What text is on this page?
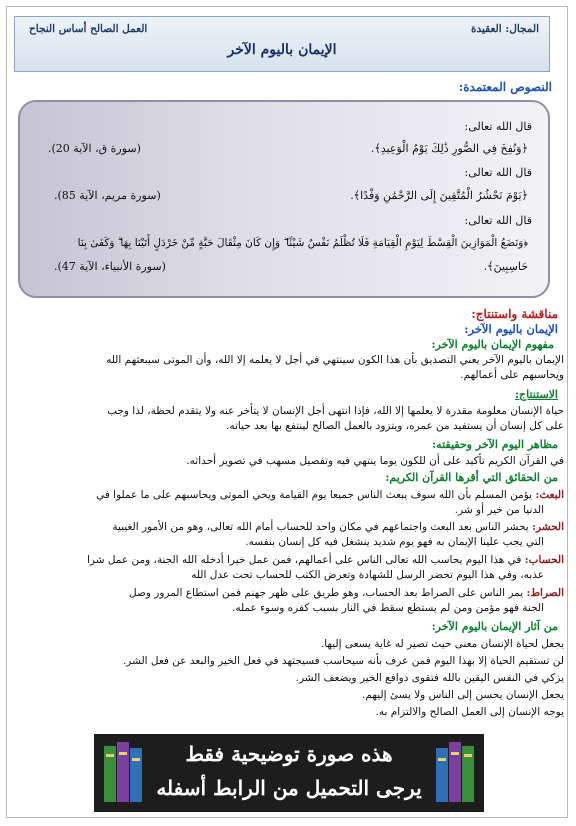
المجال: العقيدة
العمل الصالح أساس النجاح
الإيمان باليوم الآخر
النصوص المعتمدة:
قال الله تعالى:
﴿وَنُفِخَ فِي الصُّورِ ذَٰلِكَ يَوْمُ الْوَعِيدِ﴾.
(سورة ق، الآية 20).
قال الله تعالى:
﴿يَوْمَ نَحْشُرُ الْمُتَّقِينَ إِلَى الرَّحْمَٰنِ وَفْدًا﴾.
(سورة مريم، الآية 85).
قال الله تعالى:
﴿وَنَضَعُ الْمَوَازِينَ الْقِسْطَ لِيَوْمِ الْقِيَامَةِ فَلَا تُظْلَمُ نَفْسٌ شَيْئًا ۖ وَإِن كَانَ مِثْقَالَ حَبَّةٍ مِّنْ خَرْدَلٍ أَتَيْنَا بِهَا ۗ وَكَفَىٰ بِنَا
حَاسِبِينَ﴾.
(سورة الأنبياء، الآية 47).
مناقشة واستنتاج:
الإيمان باليوم الآخر:
مفهوم الإيمان باليوم الآخر:
الإيمان باليوم الآخر يعني التصديق بأن هذا الكون سينتهي في أجل لا يعلمه إلا الله، وأن الموتى سيبعثهم الله
ويحاسبهم على أعمالهم.
الاستنتاج:
حياة الإنسان معلومة مقدرة لا يعلمها إلا الله، فإذا انتهى أجل الإنسان لا يتأخر عنه ولا يتقدم لحظة، لذا وجب
على كل إنسان أن يستفيد من عمره، ويتزود بالعمل الصالح لينتفع بها بعد حياته.
مظاهر اليوم الآخر وحقيقته:
في القرآن الكريم تأكيد على أن للكون يوما ينتهي فيه وتفصيل مسهب في تصوير أحداثه.
من الحقائق التي أقرها القرآن الكريم:
البعث: يؤمن المسلم بأن الله سوف يبعث الناس جميعا يوم القيامة ويحي الموتى ويحاسبهم على ما عملوا في
الدنيا من خير أو شر.
الحشر: يحشر الناس بعد البعث واجتماعهم في مكان واحد للحساب أمام الله تعالى، وهو من الأمور الغيبية
التي يجب علينا الإيمان به فهو يوم شديد ينشغل فيه كل إنسان بنفسه.
الحساب: في هذا اليوم يحاسب الله تعالى الناس على أعمالهم، فمن عمل خيرا أدخله الله الجنة، ومن عمل شرا
عذبه، وفي هذا اليوم تحضر الرسل للشهادة وتعرض الكتب للحساب تحت عدل الله
الصراط: يمر الناس على الصراط بعد الحساب، وهو طريق على ظهر جهنم فمن استطاع المرور وصل
الجنة فهو مؤمن ومن لم يستطع سقط في النار بسبب كفره وسوء عمله.
من آثار الإيمان باليوم الآخر:
يجعل لحياة الإنسان معنى حيث تصير له غاية يسعى إليها.
لن تستقيم الحياة إلا بهذا اليوم فمن عرف بأنه سيحاسب فسيجتهد في فعل الخير والبعد عن فعل الشر.
يزكي في النفس اليقين بالله فتقوى دوافع الخير ويضعف الشر.
يجعل الإنسان يحسن إلى الناس ولا يسئ إليهم.
يوجه الإنسان إلى العمل الصالح والالتزام به.
هذه صورة توضيحية فقط
يرجى التحميل من الرابط أسفله
